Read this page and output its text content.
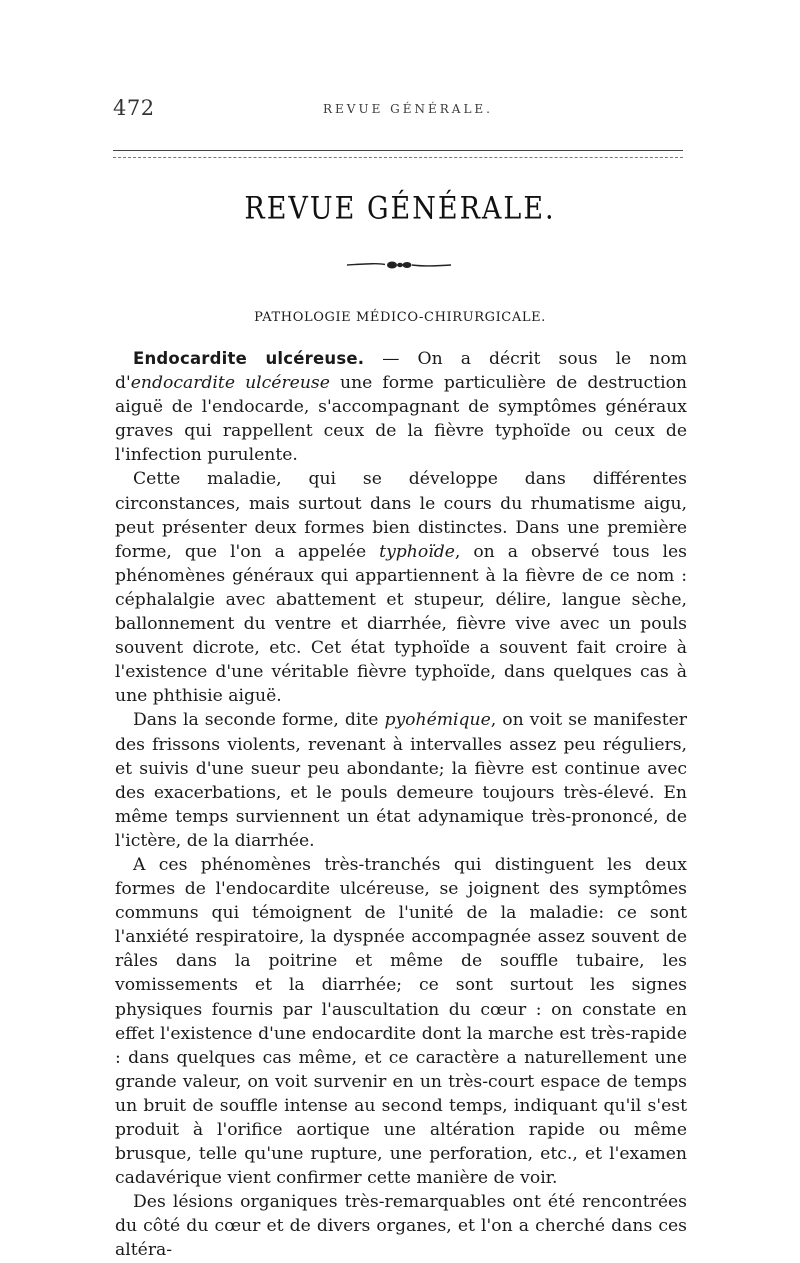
472	REVUE GÉNÉRALE.
REVUE GÉNÉRALE.
PATHOLOGIE MÉDICO-CHIRURGICALE.

Endocardite ulcéreuse. — On a décrit sous le nom d'endocardite ulcéreuse une forme particulière de destruction aiguë de l'endocarde, s'accompagnant de symptômes généraux graves qui rappellent ceux de la fièvre typhoïde ou ceux de l'infection purulente.

Cette maladie, qui se développe dans différentes circonstances, mais surtout dans le cours du rhumatisme aigu, peut présenter deux formes bien distinctes. Dans une première forme, que l'on a appelée typhoïde, on a observé tous les phénomènes généraux qui appartiennent à la fièvre de ce nom : céphalalgie avec abattement et stupeur, délire, langue sèche, ballonnement du ventre et diarrhée, fièvre vive avec un pouls souvent dicrote, etc. Cet état typhoïde a souvent fait croire à l'existence d'une véritable fièvre typhoïde, dans quelques cas à une phthisie aiguë.

Dans la seconde forme, dite pyohémique, on voit se manifester des frissons violents, revenant à intervalles assez peu réguliers, et suivis d'une sueur peu abondante; la fièvre est continue avec des exacerbations, et le pouls demeure toujours très-élevé. En même temps surviennent un état adynamique très-prononcé, de l'ictère, de la diarrhée.

A ces phénomènes très-tranchés qui distinguent les deux formes de l'endocardite ulcéreuse, se joignent des symptômes communs qui témoignent de l'unité de la maladie: ce sont l'anxiété respiratoire, la dyspnée accompagnée assez souvent de râles dans la poitrine et même de souffle tubaire, les vomissements et la diarrhée; ce sont surtout les signes physiques fournis par l'auscultation du cœur : on constate en effet l'existence d'une endocardite dont la marche est très-rapide : dans quelques cas même, et ce caractère a naturellement une grande valeur, on voit survenir en un très-court espace de temps un bruit de souffle intense au second temps, indiquant qu'il s'est produit à l'orifice aortique une altération rapide ou même brusque, telle qu'une rupture, une perforation, etc., et l'examen cadavérique vient confirmer cette manière de voir.

Des lésions organiques très-remarquables ont été rencontrées du côté du cœur et de divers organes, et l'on a cherché dans ces altéra-
